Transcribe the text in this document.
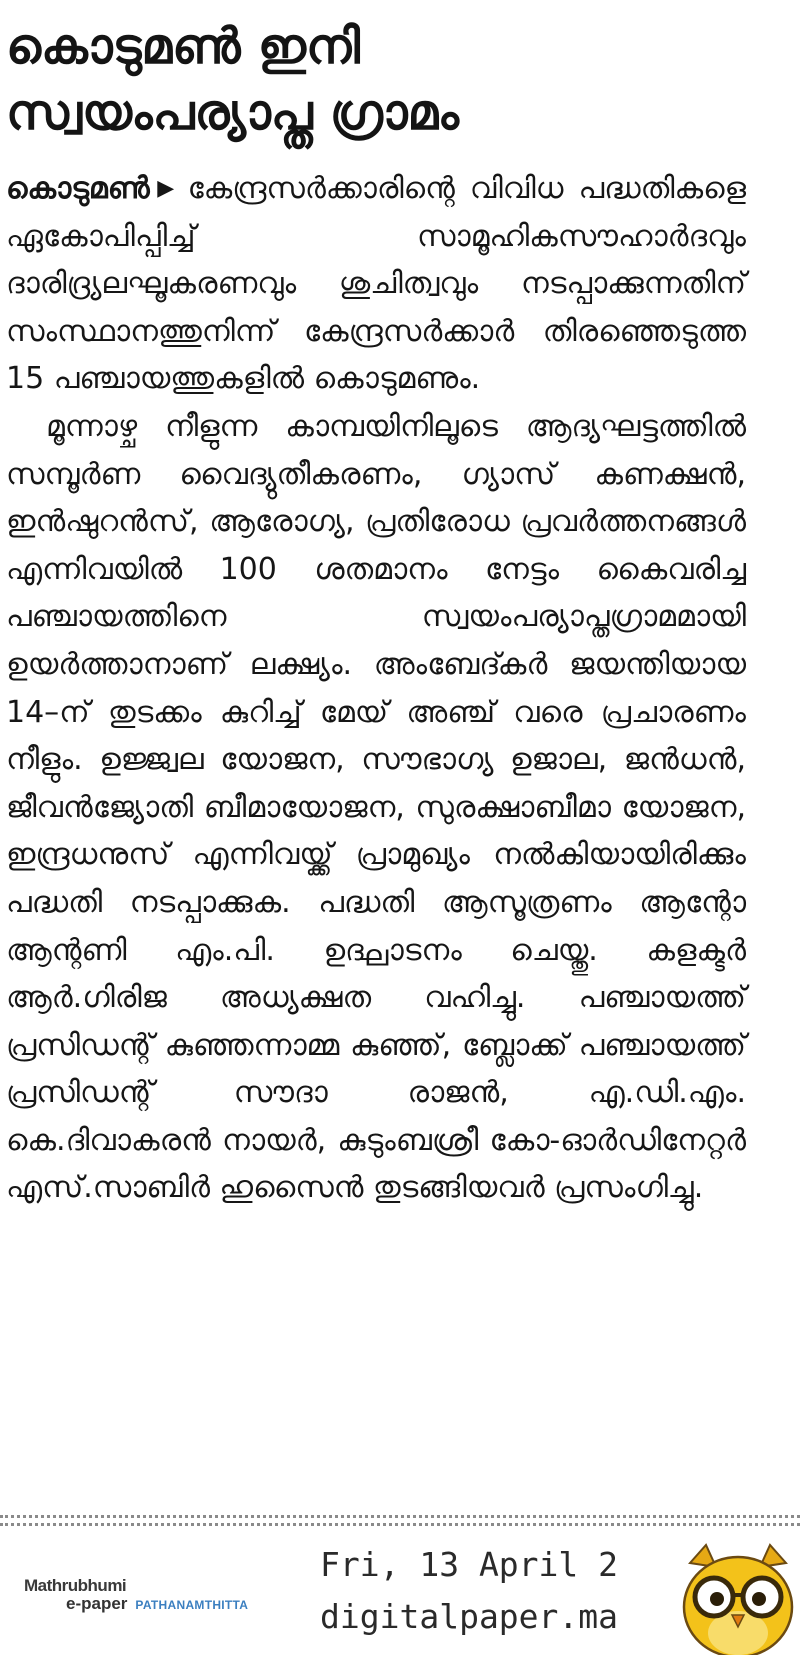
കൊടുമൺ ഇനി
സ്വയംപര്യാപ്ത ഗ്രാമം

കൊടുമൺ▶ കേന്ദ്രസർക്കാരിന്റെ വിവിധ പദ്ധതികളെ ഏകോപിപ്പിച്ച് സാമൂഹികസൗഹാർദവും ദാരിദ്ര്യലഘൂകരണവും ശുചിത്വവും നടപ്പാക്കുന്നതിന് സംസ്ഥാനത്തുനിന്ന് കേന്ദ്രസർക്കാർ തിരഞ്ഞെടുത്ത 15 പഞ്ചായത്തുകളിൽ കൊടുമണും.

മൂന്നാഴ്ച നീളുന്ന കാമ്പയിനിലൂടെ ആദ്യഘട്ടത്തിൽ സമ്പൂർണ വൈദ്യുതീകരണം, ഗ്യാസ് കണക്ഷൻ, ഇൻഷുറൻസ്, ആരോഗ്യ, പ്രതിരോധ പ്രവർത്തനങ്ങൾ എന്നിവയിൽ 100 ശതമാനം നേട്ടം കൈവരിച്ച പഞ്ചായത്തിനെ സ്വയംപര്യാപ്തഗ്രാമമായി ഉയർത്താനാണ് ലക്ഷ്യം. അംബേദ്കർ ജയന്തിയായ 14–ന് തുടക്കം കുറിച്ച് മേയ് അഞ്ച് വരെ പ്രചാരണം നീളും. ഉജ്ജ്വല യോജന, സൗഭാഗ്യ ഉജാല, ജൻധൻ, ജീവൻജ്യോതി ബീമായോജന, സുരക്ഷാബീമാ യോജന, ഇന്ദ്രധനുസ് എന്നിവയ്ക്ക് പ്രാമുഖ്യം നൽകിയായിരിക്കും പദ്ധതി നടപ്പാക്കുക. പദ്ധതി ആസൂത്രണം ആന്റോ ആന്റണി എം.പി. ഉദ്ഘാടനം ചെയ്തു. കളക്ടർ ആർ.ഗിരിജ അധ്യക്ഷത വഹിച്ചു. പഞ്ചായത്ത് പ്രസിഡന്റ് കുഞ്ഞന്നാമ്മ കുഞ്ഞ്, ബ്ലോക്ക് പഞ്ചായത്ത് പ്രസിഡന്റ് സൗദാ രാജൻ, എ.ഡി.എം. കെ.ദിവാകരൻ നായർ, കുടുംബശ്രീ കോ-ഓർഡിനേറ്റർ എസ്.സാബിർ ഹുസൈൻ തുടങ്ങിയവർ പ്രസംഗിച്ചു.

Mathrubhumi
e-paper PATHANAMTHITTA
Fri, 13 April 2
digitalpaper.ma
